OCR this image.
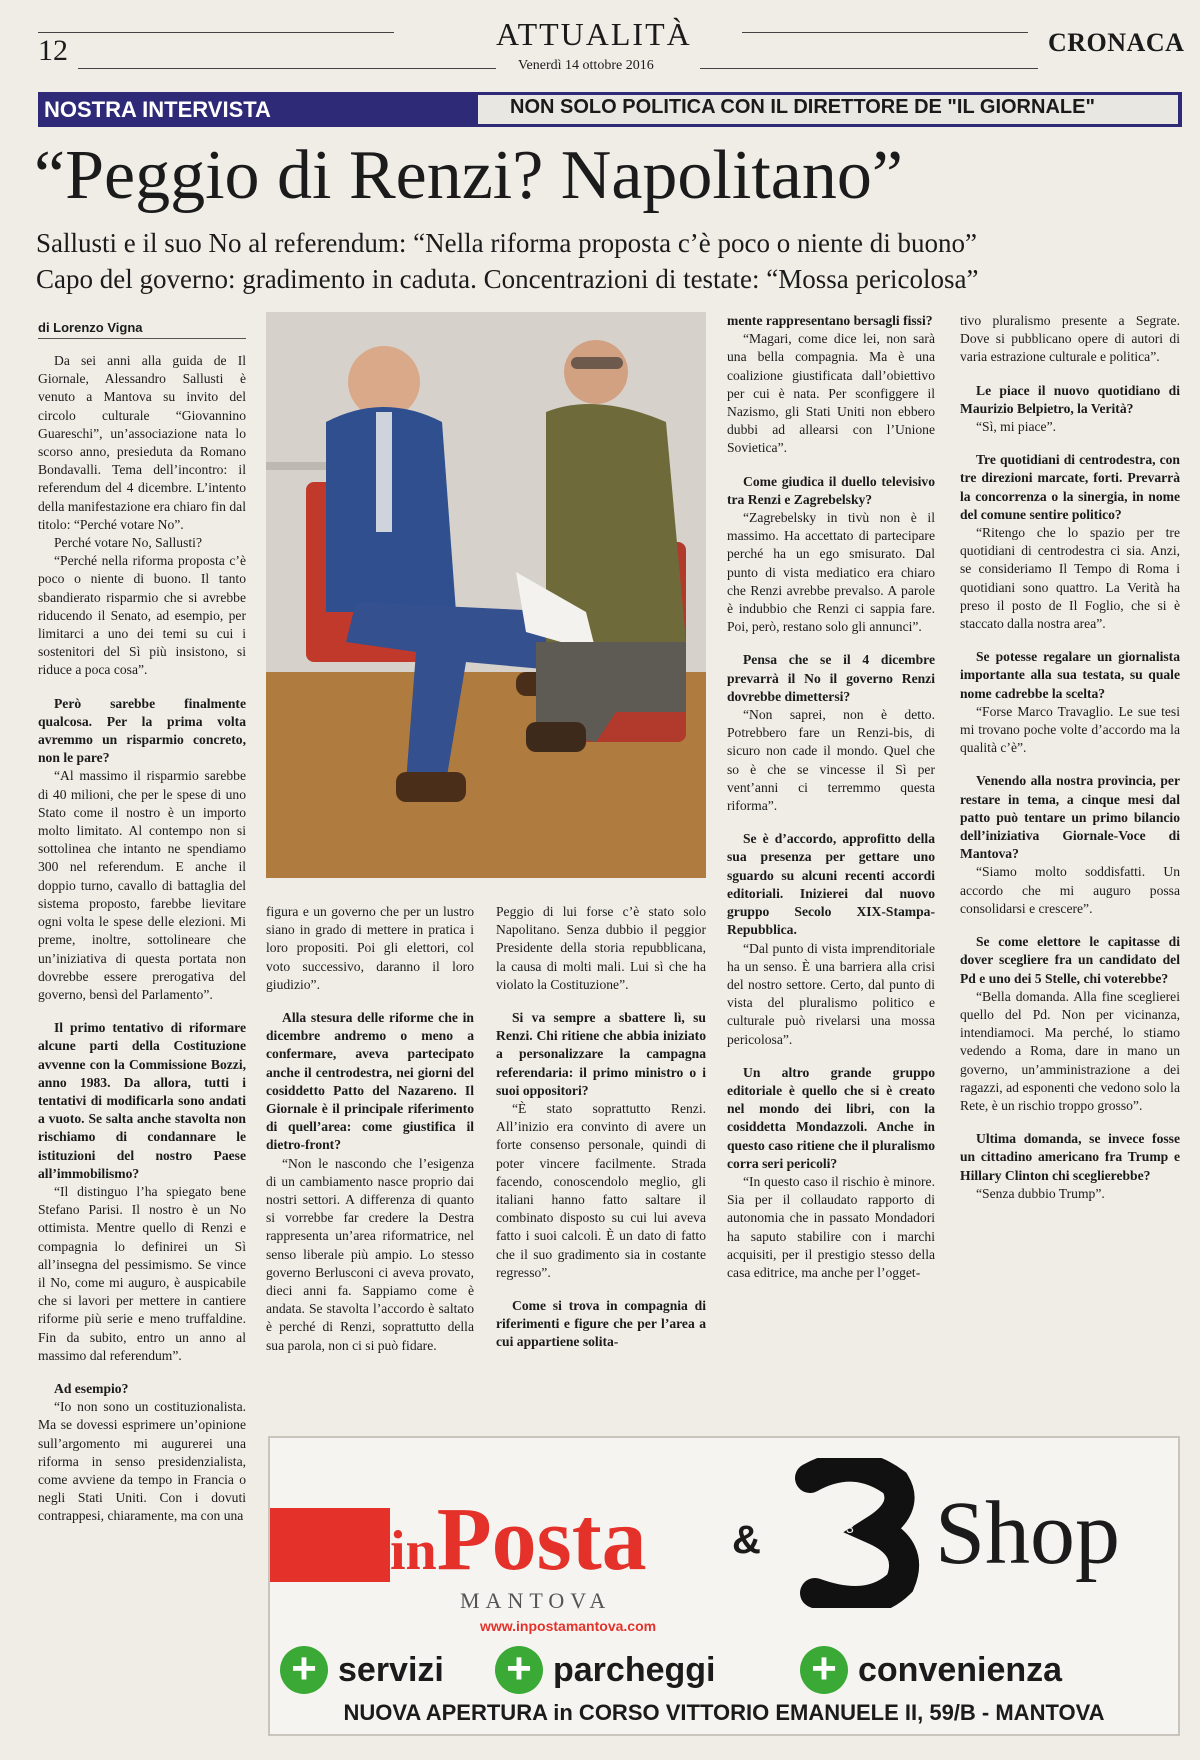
12	ATTUALITÀ
Venerdì 14 ottobre 2016
CRONACA
NOSTRA INTERVISTA	NON SOLO POLITICA CON IL DIRETTORE DE "IL GIORNALE"
“Peggio di Renzi? Napolitano”
Sallusti e il suo No al referendum: “Nella riforma proposta c’è poco o niente di buono”
Capo del governo: gradimento in caduta. Concentrazioni di testate: “Mossa pericolosa”
di Lorenzo Vigna

Da sei anni alla guida de Il Giornale, Alessandro Sallusti è venuto a Mantova su invito del circolo culturale “Giovannino Guareschi”, un’associazione nata lo scorso anno, presieduta da Romano Bondavalli. Tema dell’incontro: il referendum del 4 dicembre. L’intento della manifestazione era chiaro fin dal titolo: “Perché votare No”.

Perché votare No, Sallusti?

“Perché nella riforma proposta c’è poco o niente di buono. Il tanto sbandierato risparmio che si avrebbe riducendo il Senato, ad esempio, per limitarci a uno dei temi su cui i sostenitori del Sì più insistono, si riduce a poca cosa”.

Però sarebbe finalmente qualcosa. Per la prima volta avremmo un risparmio concreto, non le pare?

“Al massimo il risparmio sarebbe di 40 milioni, che per le spese di uno Stato come il nostro è un importo molto limitato. Al contempo non si sottolinea che intanto ne spendiamo 300 nel referendum. E anche il doppio turno, cavallo di battaglia del sistema proposto, farebbe lievitare ogni volta le spese delle elezioni. Mi preme, inoltre, sottolineare che un’iniziativa di questa portata non dovrebbe essere prerogativa del governo, bensì del Parlamento”.

Il primo tentativo di riformare alcune parti della Costituzione avvenne con la Commissione Bozzi, anno 1983. Da allora, tutti i tentativi di modificarla sono andati a vuoto. Se salta anche stavolta non rischiamo di condannare le istituzioni del nostro Paese all’immobilismo?

“Il distinguo l’ha spiegato bene Stefano Parisi. Il nostro è un No ottimista. Mentre quello di Renzi e compagnia lo definirei un Sì all’insegna del pessimismo. Se vince il No, come mi auguro, è auspicabile che si lavori per mettere in cantiere riforme più serie e meno truffaldine. Fin da subito, entro un anno al massimo dal referendum”.

Ad esempio?

“Io non sono un costituzionalista. Ma se dovessi esprimere un’opinione sull’argomento mi augurerei una riforma in senso presidenzialista, come avviene da tempo in Francia o negli Stati Uniti. Con i dovuti contrappesi, chiaramente, ma con una

figura e un governo che per un lustro siano in grado di mettere in pratica i loro propositi. Poi gli elettori, col voto successivo, daranno il loro giudizio”.

Alla stesura delle riforme che in dicembre andremo o meno a confermare, aveva partecipato anche il centrodestra, nei giorni del cosiddetto Patto del Nazareno. Il Giornale è il principale riferimento di quell’area: come giustifica il dietro-front?

“Non le nascondo che l’esigenza di un cambiamento nasce proprio dai nostri settori. A differenza di quanto si vorrebbe far credere la Destra rappresenta un’area riformatrice, nel senso liberale più ampio. Lo stesso governo Berlusconi ci aveva provato, dieci anni fa. Sappiamo come è andata. Se stavolta l’accordo è saltato è perché di Renzi, soprattutto della sua parola, non ci si può fidare.

Peggio di lui forse c’è stato solo Napolitano. Senza dubbio il peggior Presidente della storia repubblicana, la causa di molti mali. Lui sì che ha violato la Costituzione”.

Si va sempre a sbattere lì, su Renzi. Chi ritiene che abbia iniziato a personalizzare la campagna referendaria: il primo ministro o i suoi oppositori?

“È stato soprattutto Renzi. All’inizio era convinto di avere un forte consenso personale, quindi di poter vincere facilmente. Strada facendo, conoscendolo meglio, gli italiani hanno fatto saltare il combinato disposto su cui lui aveva fatto i suoi calcoli. È un dato di fatto che il suo gradimento sia in costante regresso”.

Come si trova in compagnia di riferimenti e figure che per l’area a cui appartiene solita-

mente rappresentano bersagli fissi?

“Magari, come dice lei, non sarà una bella compagnia. Ma è una coalizione giustificata dall’obiettivo per cui è nata. Per sconfiggere il Nazismo, gli Stati Uniti non ebbero dubbi ad allearsi con l’Unione Sovietica”.

Come giudica il duello televisivo tra Renzi e Zagrebelsky?

“Zagrebelsky in tivù non è il massimo. Ha accettato di partecipare perché ha un ego smisurato. Dal punto di vista mediatico era chiaro che Renzi avrebbe prevalso. A parole è indubbio che Renzi ci sappia fare. Poi, però, restano solo gli annunci”.

Pensa che se il 4 dicembre prevarrà il No il governo Renzi dovrebbe dimettersi?

“Non saprei, non è detto. Potrebbero fare un Renzi-bis, di sicuro non cade il mondo. Quel che so è che se vincesse il Sì per vent’anni ci terremmo questa riforma”.

Se è d’accordo, approfitto della sua presenza per gettare uno sguardo su alcuni recenti accordi editoriali. Inizierei dal nuovo gruppo Secolo XIX-Stampa-Repubblica.

“Dal punto di vista imprenditoriale ha un senso. È una barriera alla crisi del nostro settore. Certo, dal punto di vista del pluralismo politico e culturale può rivelarsi una mossa pericolosa”.

Un altro grande gruppo editoriale è quello che si è creato nel mondo dei libri, con la cosiddetta Mondazzoli. Anche in questo caso ritiene che il pluralismo corra seri pericoli?

“In questo caso il rischio è minore. Sia per il collaudato rapporto di autonomia che in passato Mondadori ha saputo stabilire con i marchi acquisiti, per il prestigio stesso della casa editrice, ma anche per l’ogget-

tivo pluralismo presente a Segrate. Dove si pubblicano opere di autori di varia estrazione culturale e politica”.

Le piace il nuovo quotidiano di Maurizio Belpietro, la Verità?

“Sì, mi piace”.

Tre quotidiani di centrodestra, con tre direzioni marcate, forti. Prevarrà la concorrenza o la sinergia, in nome del comune sentire politico?

“Ritengo che lo spazio per tre quotidiani di centrodestra ci sia. Anzi, se consideriamo Il Tempo di Roma i quotidiani sono quattro. La Verità ha preso il posto de Il Foglio, che si è staccato dalla nostra area”.

Se potesse regalare un giornalista importante alla sua testata, su quale nome cadrebbe la scelta?

“Forse Marco Travaglio. Le sue tesi mi trovano poche volte d’accordo ma la qualità c’è”.

Venendo alla nostra provincia, per restare in tema, a cinque mesi dal patto può tentare un primo bilancio dell’iniziativa Giornale-Voce di Mantova?

“Siamo molto soddisfatti. Un accordo che mi auguro possa consolidarsi e crescere”.

Se come elettore le capitasse di dover scegliere fra un candidato del Pd e uno dei 5 Stelle, chi voterebbe?

“Bella domanda. Alla fine sceglierei quello del Pd. Non per vicinanza, intendiamoci. Ma perché, lo stiamo vedendo a Roma, dare in mano un governo, un’amministrazione a dei ragazzi, ad esponenti che vedono solo la Rete, è un rischio troppo grosso”.

Ultima domanda, se invece fosse un cittadino americano fra Trump e Hillary Clinton chi sceglierebbe?

“Senza dubbio Trump”.

inPosta
MANTOVA
www.inpostamantova.com
&	3 Shop
+ servizi + parcheggi + convenienza
NUOVA APERTURA in CORSO VITTORIO EMANUELE II, 59/B - MANTOVA
